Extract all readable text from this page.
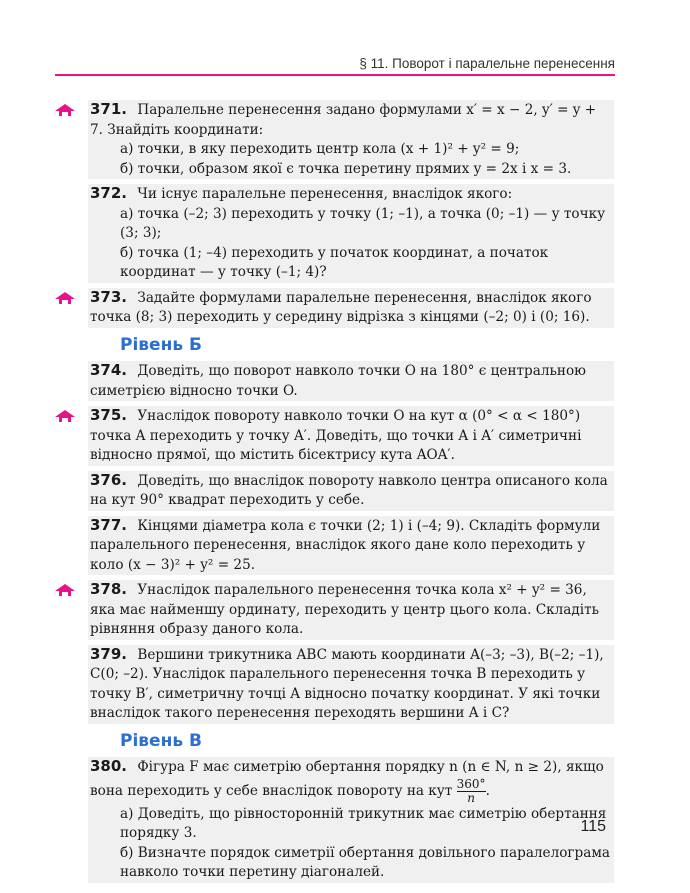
§ 11. Поворот і паралельне перенесення
371. Паралельне перенесення задано формулами x′ = x − 2, y′ = y + 7. Знайдіть координати:
а) точки, в яку переходить центр кола (x + 1)² + y² = 9;
б) точки, образом якої є точка перетину прямих y = 2x і x = 3.
372. Чи існує паралельне перенесення, внаслідок якого:
а) точка (–2; 3) переходить у точку (1; –1), а точка (0; –1) — у точку (3; 3);
б) точка (1; –4) переходить у початок координат, а початок координат — у точку (–1; 4)?
373. Задайте формулами паралельне перенесення, внаслідок якого точка (8; 3) переходить у середину відрізка з кінцями (–2; 0) і (0; 16).
Рівень Б
374. Доведіть, що поворот навколо точки O на 180° є центральною симетрією відносно точки O.
375. Унаслідок повороту навколо точки O на кут α (0° < α < 180°) точка A переходить у точку A′. Доведіть, що точки A і A′ симетричні відносно прямої, що містить бісектрису кута AOA′.
376. Доведіть, що внаслідок повороту навколо центра описаного кола на кут 90° квадрат переходить у себе.
377. Кінцями діаметра кола є точки (2; 1) і (–4; 9). Складіть формули паралельного перенесення, внаслідок якого дане коло переходить у коло (x − 3)² + y² = 25.
378. Унаслідок паралельного перенесення точка кола x² + y² = 36, яка має найменшу ординату, переходить у центр цього кола. Складіть рівняння образу даного кола.
379. Вершини трикутника ABC мають координати A(–3; –3), B(–2; –1), C(0; –2). Унаслідок паралельного перенесення точка B переходить у точку B′, симетричну точці A відносно початку координат. У які точки внаслідок такого перенесення переходять вершини A і C?
Рівень В
380. Фігура F має симетрію обертання порядку n (n ∈ N, n ≥ 2), якщо вона переходить у себе внаслідок повороту на кут $\frac{360^\circ}{n}$ .
а) Доведіть, що рівносторонній трикутник має симетрію обертання порядку 3.
б) Визначте порядок симетрії обертання довільного паралелограма навколо точки перетину діагоналей.
115
